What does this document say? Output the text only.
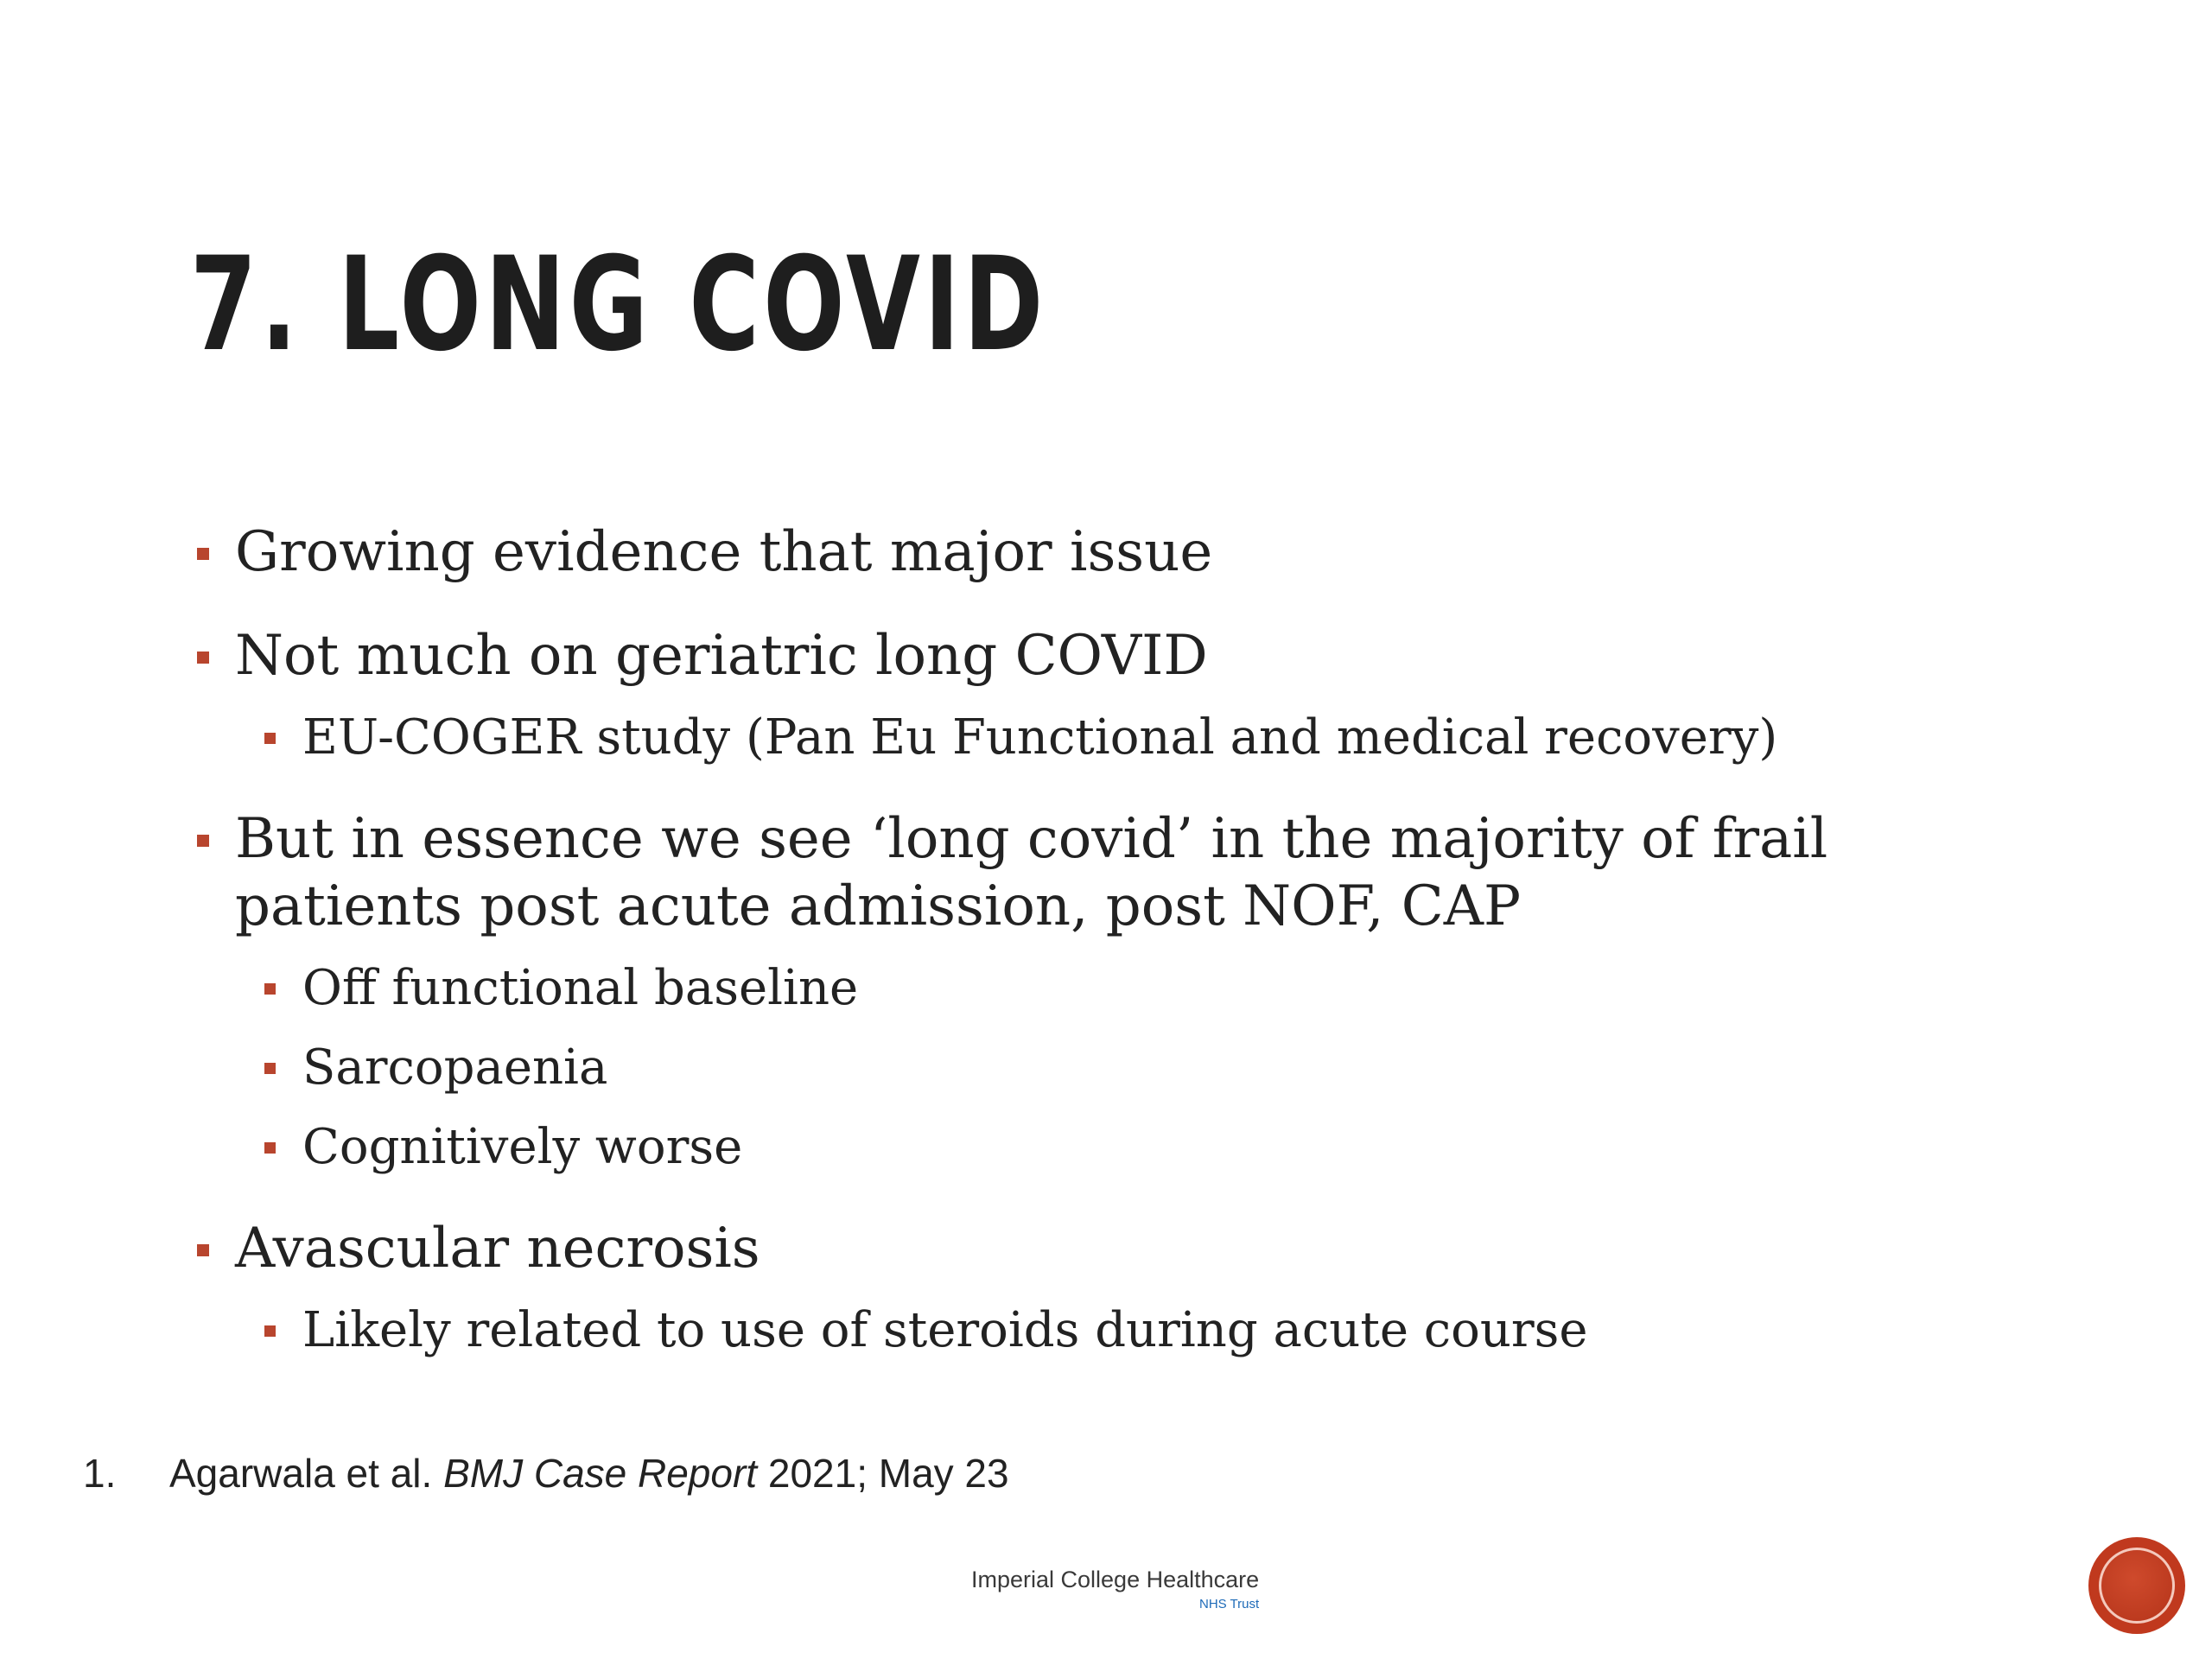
7. LONG COVID
Growing evidence that major issue
Not much on geriatric long COVID
EU-COGER study (Pan Eu Functional and medical recovery)
But in essence we see ‘long covid’ in the majority of frail patients post acute admission, post NOF, CAP
Off functional baseline
Sarcopaenia
Cognitively worse
Avascular necrosis
Likely related to use of steroids during acute course
1. Agarwala et al. BMJ Case Report 2021; May 23
Imperial College Healthcare
NHS Trust
